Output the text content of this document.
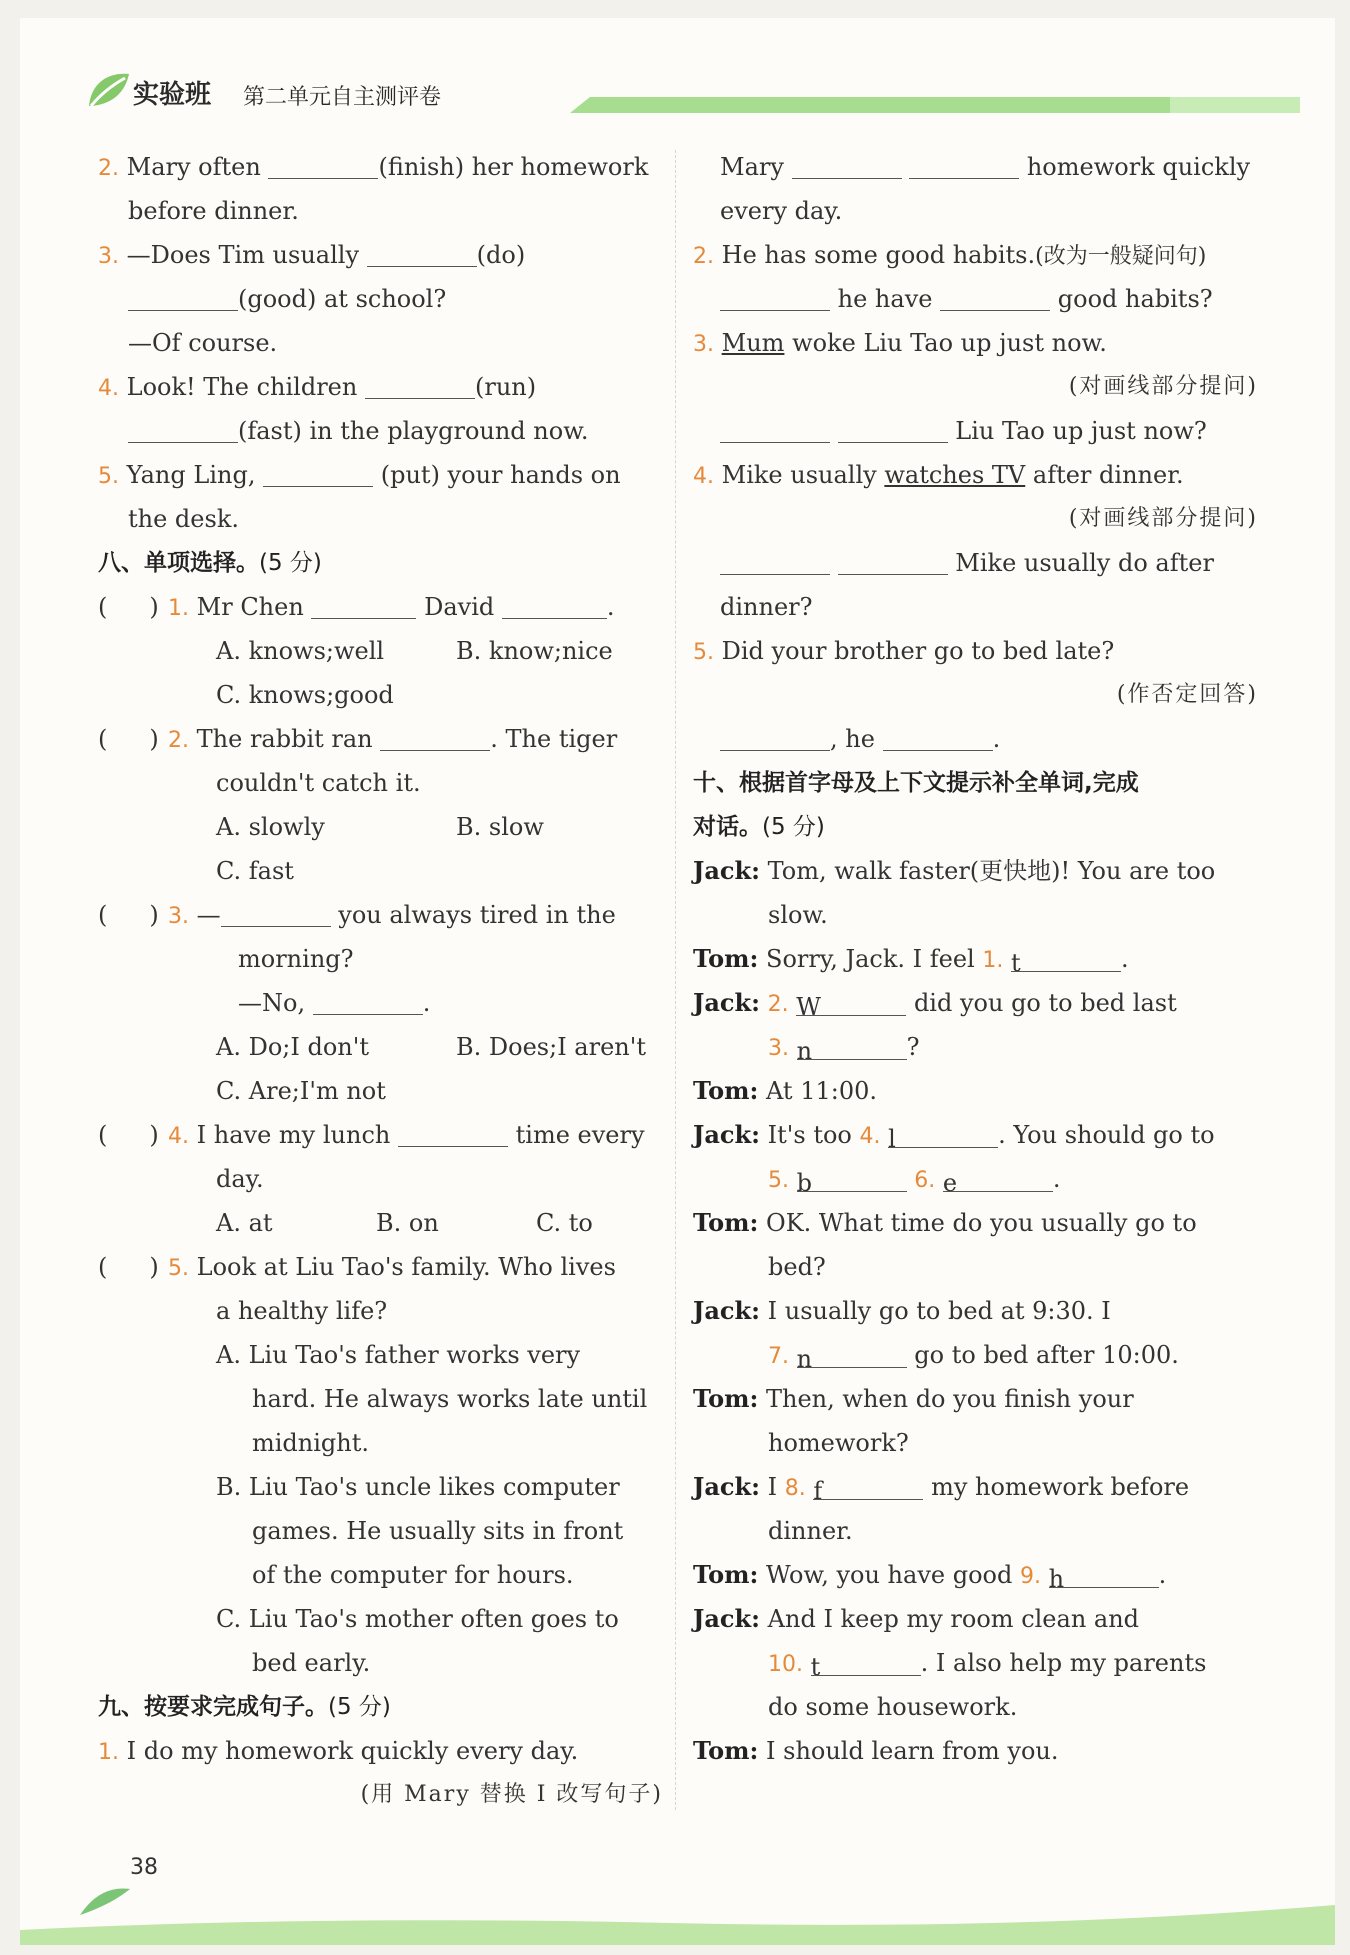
实验班 第二单元自主测评卷
2. Mary often	(finish) her homework
before dinner.
3. —Does Tim usually	(do)
(good) at school?
—Of course.
4. Look! The children	(run)
(fast) in the playground now.
5. Yang Ling,	(put) your hands on
the desk.
八、单项选择。(5 分)
( ) 1. Mr Chen	David	.
A. knows;well	B. know;nice
C. knows;good
( ) 2. The rabbit ran	. The tiger
couldn't catch it.
A. slowly	B. slow
C. fast
( ) 3. —	you always tired in the
morning?
—No,	.
A. Do;I don't	B. Does;I aren't
C. Are;I'm not
( ) 4. I have my lunch	time every
day.
A. at	B. on	C. to
( ) 5. Look at Liu Tao's family. Who lives
a healthy life?
A. Liu Tao's father works very
hard. He always works late until
midnight.
B. Liu Tao's uncle likes computer
games. He usually sits in front
of the computer for hours.
C. Liu Tao's mother often goes to
bed early.
九、按要求完成句子。(5 分)
1. I do my homework quickly every day.
(用 Mary 替换 I 改写句子)
Mary	homework quickly
every day.
2. He has some good habits.(改为一般疑问句)
he have	good habits?
3. Mum woke Liu Tao up just now.
(对画线部分提问)
Liu Tao up just now?
4. Mike usually watches TV after dinner.
(对画线部分提问)
Mike usually do after
dinner?
5. Did your brother go to bed late?
(作否定回答)
, he	.
十、根据首字母及上下文提示补全单词,完成
对话。(5 分)
Jack: Tom, walk faster(更快地)! You are too
slow.
Tom: Sorry, Jack. I feel 1. t	.
Jack: 2. W	did you go to bed last
3. n	?
Tom: At 11:00.
Jack: It's too 4. l	. You should go to
5. b	6. e	.
Tom: OK. What time do you usually go to
bed?
Jack: I usually go to bed at 9:30. I
7. n	go to bed after 10:00.
Tom: Then, when do you finish your
homework?
Jack: I 8. f	my homework before
dinner.
Tom: Wow, you have good 9. h	.
Jack: And I keep my room clean and
10. t	. I also help my parents
do some housework.
Tom: I should learn from you.
38
